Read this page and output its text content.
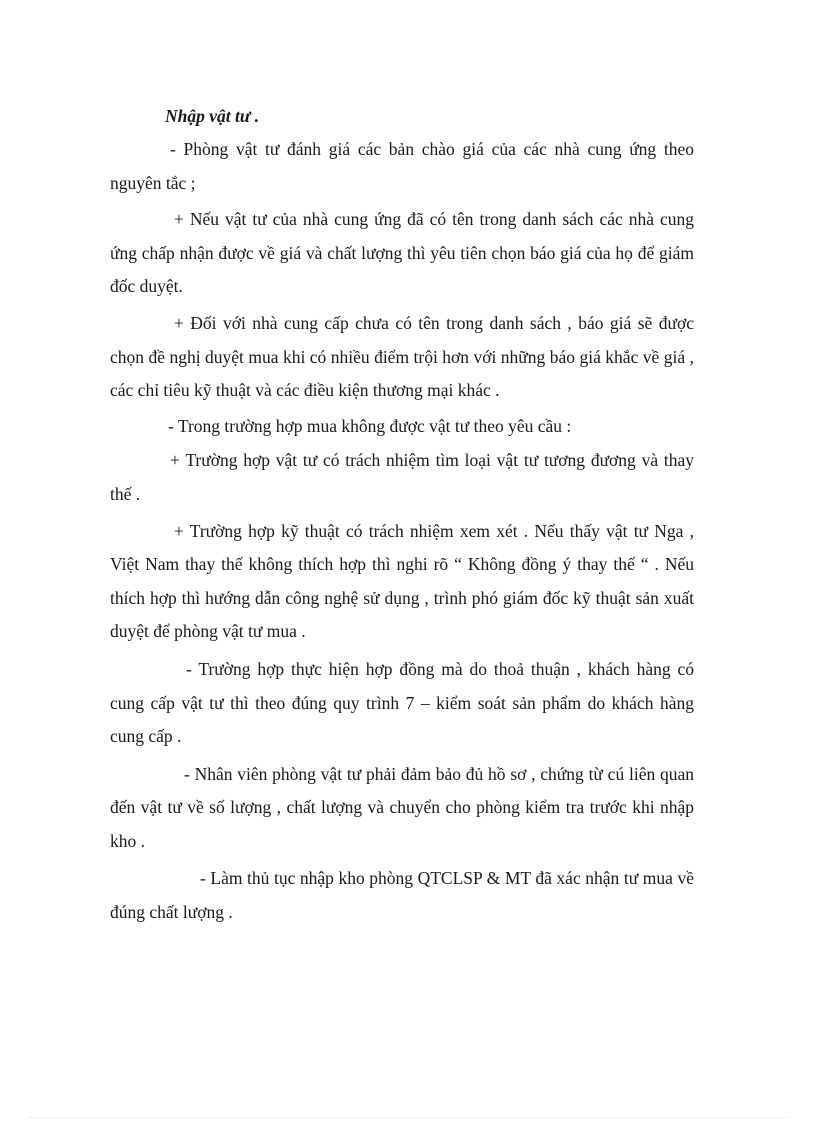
Nhập vật tư .

- Phòng vật tư đánh giá các bản chào giá của các nhà cung ứng theo nguyên tắc ;

+ Nếu vật tư của nhà cung ứng đã có tên trong danh sách các nhà cung ứng chấp nhận được về giá và chất lượng thì yêu tiên chọn báo giá của họ để giám đốc duyệt.

+ Đối với nhà cung cấp chưa có tên trong danh sách , báo giá sẽ được chọn đề nghị duyệt mua khi có nhiều điểm trội hơn với những báo giá khắc về giá , các chỉ tiêu kỹ thuật và các điều kiện thương mại khác .

- Trong trường hợp mua không được vật tư theo yêu cầu :

+ Trường hợp vật tư có trách nhiệm tìm loại vật tư tương đương và thay thế .

+ Trường hợp kỹ thuật có trách nhiệm xem xét . Nếu thấy vật tư Nga , Việt Nam thay thế không thích hợp thì nghi rõ “ Không đồng ý thay thế “ . Nếu thích hợp thì hướng dẫn công nghệ sử dụng , trình phó giám đốc kỹ thuật sản xuất duyệt để phòng vật tư mua .

- Trường hợp thực hiện hợp đồng mà do thoả thuận , khách hàng có cung cấp vật tư thì theo đúng quy trình 7 – kiểm soát sản phẩm do khách hàng cung cấp .

- Nhân viên phòng vật tư phải đảm bảo đủ hồ sơ , chứng từ cú liên quan đến vật tư về số lượng , chất lượng và chuyển cho phòng kiểm tra trước khi nhập kho .

- Làm thủ tục nhập kho phòng QTCLSP & MT đã xác nhận tư mua về đúng chất lượng .
